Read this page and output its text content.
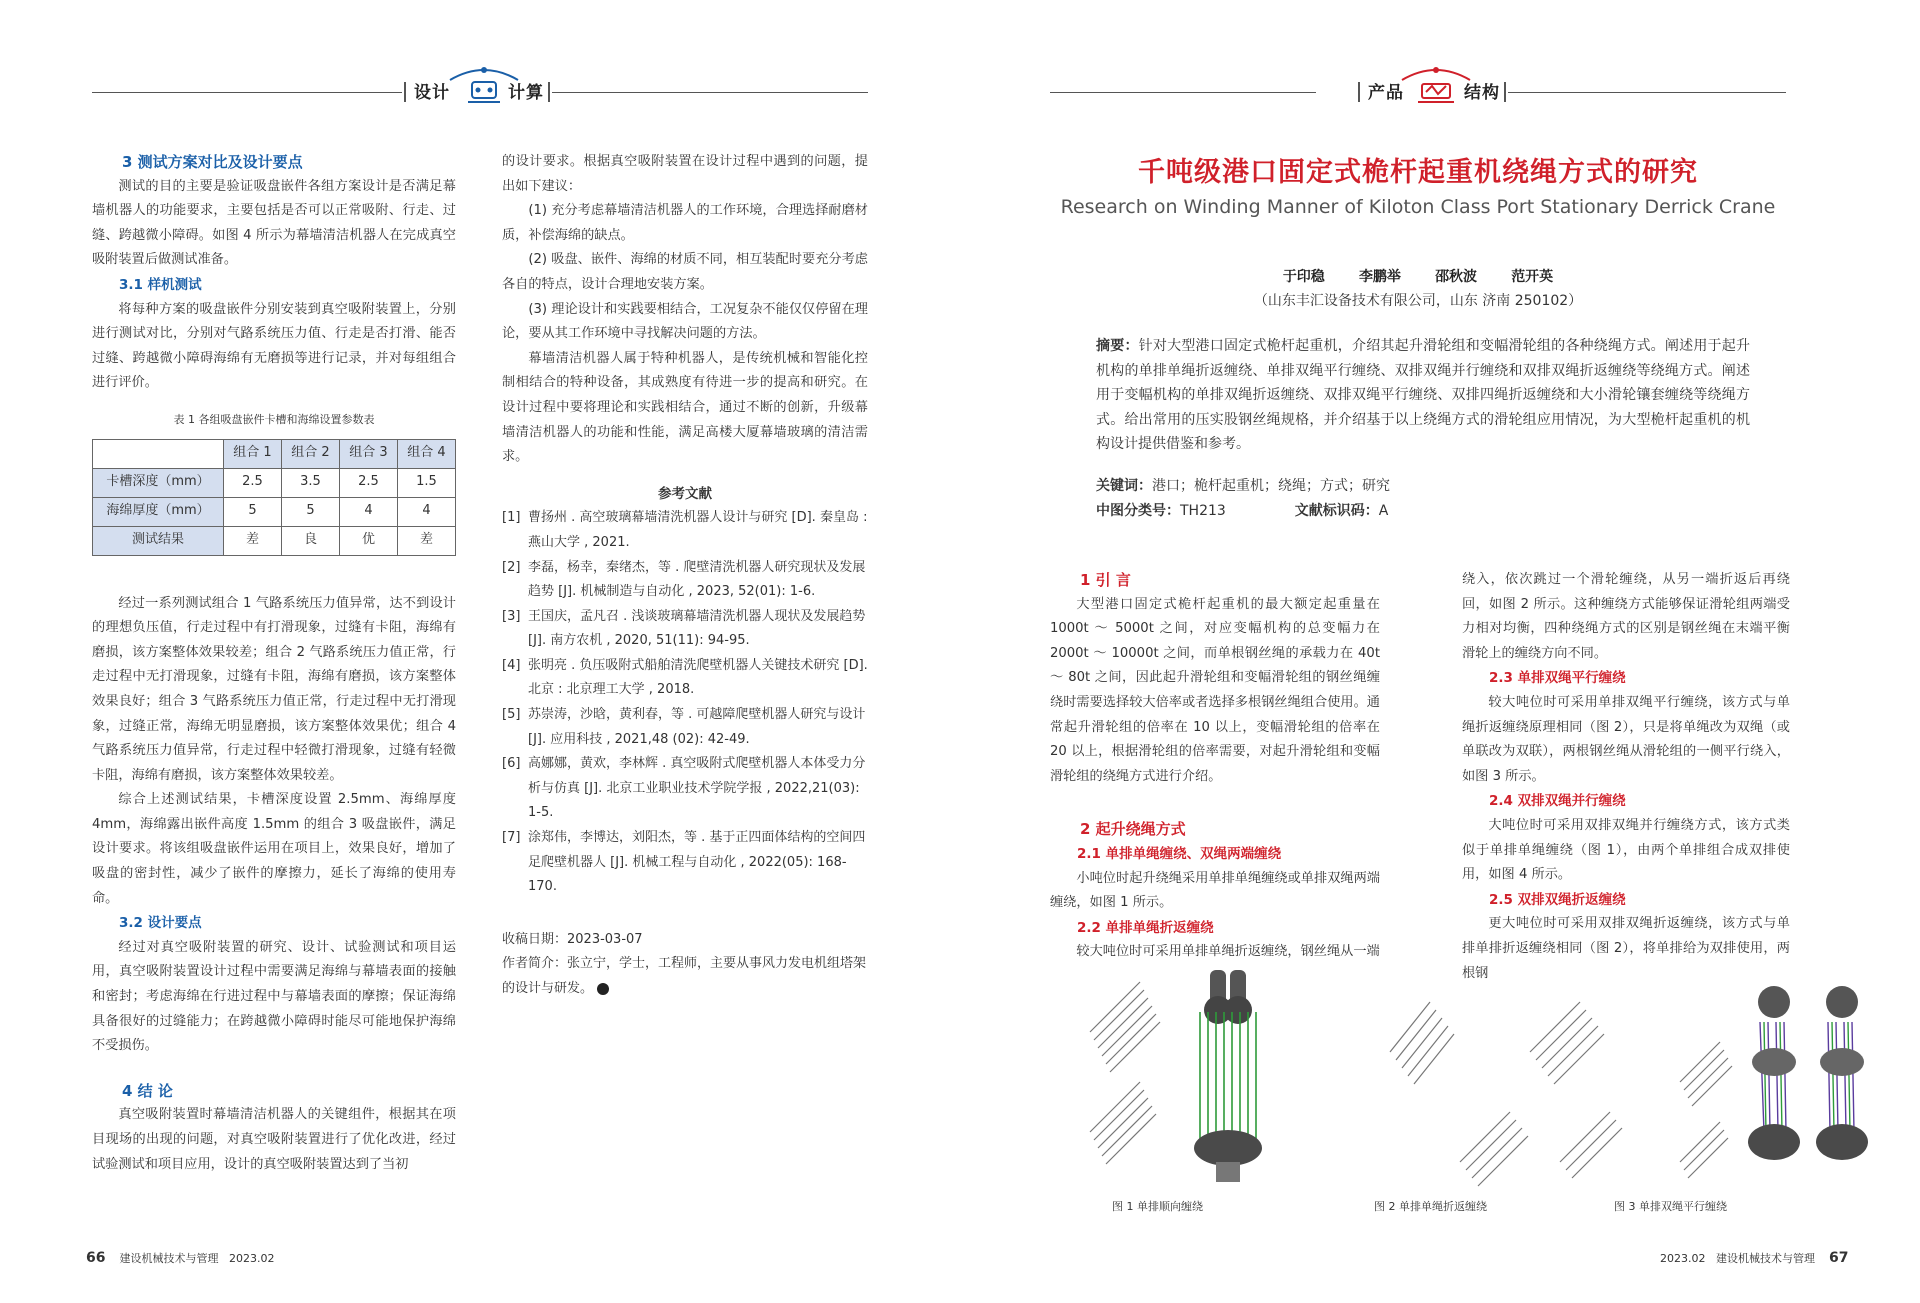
设计	计算

3 测试方案对比及设计要点

测试的目的主要是验证吸盘嵌件各组方案设计是否满足幕墙机器人的功能要求，主要包括是否可以正常吸附、行走、过缝、跨越微小障碍。如图 4 所示为幕墙清洁机器人在完成真空吸附装置后做测试准备。

3.1 样机测试

将每种方案的吸盘嵌件分别安装到真空吸附装置上，分别进行测试对比，分别对气路系统压力值、行走是否打滑、能否过缝、跨越微小障碍海绵有无磨损等进行记录，并对每组组合进行评价。

表 1 各组吸盘嵌件卡槽和海绵设置参数表
	组合 1	组合 2	组合 3	组合 4
卡槽深度（mm）	2.5	3.5	2.5	1.5
海绵厚度（mm）	5	5	4	4
测试结果	差	良	优	差

经过一系列测试组合 1 气路系统压力值异常，达不到设计的理想负压值，行走过程中有打滑现象，过缝有卡阻，海绵有磨损，该方案整体效果较差；组合 2 气路系统压力值正常，行走过程中无打滑现象，过缝有卡阻，海绵有磨损，该方案整体效果良好；组合 3 气路系统压力值正常，行走过程中无打滑现象，过缝正常，海绵无明显磨损，该方案整体效果优；组合 4 气路系统压力值异常，行走过程中轻微打滑现象，过缝有轻微卡阻，海绵有磨损，该方案整体效果较差。

综合上述测试结果，卡槽深度设置 2.5mm、海绵厚度 4mm，海绵露出嵌件高度 1.5mm 的组合 3 吸盘嵌件，满足设计要求。将该组吸盘嵌件运用在项目上，效果良好，增加了吸盘的密封性，减少了嵌件的摩擦力，延长了海绵的使用寿命。

3.2 设计要点

经过对真空吸附装置的研究、设计、试验测试和项目运用，真空吸附装置设计过程中需要满足海绵与幕墙表面的接触和密封；考虑海绵在行进过程中与幕墙表面的摩擦；保证海绵具备很好的过缝能力；在跨越微小障碍时能尽可能地保护海绵不受损伤。

4 结 论

真空吸附装置时幕墙清洁机器人的关键组件，根据其在项目现场的出现的问题，对真空吸附装置进行了优化改进，经过试验测试和项目应用，设计的真空吸附装置达到了当初

的设计要求。根据真空吸附装置在设计过程中遇到的问题，提出如下建议：

(1) 充分考虑幕墙清洁机器人的工作环境，合理选择耐磨材质，补偿海绵的缺点。

(2) 吸盘、嵌件、海绵的材质不同，相互装配时要充分考虑各自的特点，设计合理地安装方案。

(3) 理论设计和实践要相结合，工况复杂不能仅仅停留在理论，要从其工作环境中寻找解决问题的方法。

幕墙清洁机器人属于特种机器人，是传统机械和智能化控制相结合的特种设备，其成熟度有待进一步的提高和研究。在设计过程中要将理论和实践相结合，通过不断的创新，升级幕墙清洁机器人的功能和性能，满足高楼大厦幕墙玻璃的清洁需求。

参考文献
[1] 曹扬州 . 高空玻璃幕墙清洗机器人设计与研究 [D]. 秦皇岛 : 燕山大学 , 2021.
[2] 李磊，杨幸，秦绪杰，等 . 爬壁清洗机器人研究现状及发展趋势 [J]. 机械制造与自动化 , 2023, 52(01): 1-6.
[3] 王国庆，孟凡召 . 浅谈玻璃幕墙清洗机器人现状及发展趋势 [J]. 南方农机 , 2020, 51(11): 94-95.
[4] 张明亮 . 负压吸附式船舶清洗爬壁机器人关键技术研究 [D]. 北京 : 北京理工大学 , 2018.
[5] 苏崇涛，沙晗，黄利春，等 . 可越障爬壁机器人研究与设计 [J]. 应用科技 , 2021,48 (02): 42-49.
[6] 高娜娜，黄欢，李林辉 . 真空吸附式爬壁机器人本体受力分析与仿真 [J]. 北京工业职业技术学院学报 , 2022,21(03): 1-5.
[7] 涂郑伟，李博达，刘阳杰，等 . 基于正四面体结构的空间四足爬壁机器人 [J]. 机械工程与自动化 , 2022(05): 168-170.
收稿日期：2023-03-07
作者简介：张立宁，学士，工程师，主要从事风力发电机组塔架的设计与研发。
66 建设机械技术与管理 2023.02
产品	结构
千吨级港口固定式桅杆起重机绕绳方式的研究
Research on Winding Manner of Kiloton Class Port Stationary Derrick Crane
于印稳 李鹏举 邵秋波 范开英
（山东丰汇设备技术有限公司，山东 济南 250102）
摘要：针对大型港口固定式桅杆起重机，介绍其起升滑轮组和变幅滑轮组的各种绕绳方式。阐述用于起升机构的单排单绳折返缠绕、单排双绳平行缠绕、双排双绳并行缠绕和双排双绳折返缠绕等绕绳方式。阐述用于变幅机构的单排双绳折返缠绕、双排双绳平行缠绕、双排四绳折返缠绕和大小滑轮镶套缠绕等绕绳方式。给出常用的压实股钢丝绳规格，并介绍基于以上绕绳方式的滑轮组应用情况，为大型桅杆起重机的机构设计提供借鉴和参考。
关键词：港口；桅杆起重机；绕绳；方式；研究
中图分类号：TH213	文献标识码：A

1 引 言

大型港口固定式桅杆起重机的最大额定起重量在 1000t ～ 5000t 之间，对应变幅机构的总变幅力在 2000t ～ 10000t 之间，而单根钢丝绳的承载力在 40t ～ 80t 之间，因此起升滑轮组和变幅滑轮组的钢丝绳缠绕时需要选择较大倍率或者选择多根钢丝绳组合使用。通常起升滑轮组的倍率在 10 以上，变幅滑轮组的倍率在 20 以上，根据滑轮组的倍率需要，对起升滑轮组和变幅滑轮组的绕绳方式进行介绍。

2 起升绕绳方式

2.1 单排单绳缠绕、双绳两端缠绕

小吨位时起升绕绳采用单排单绳缠绕或单排双绳两端缠绕，如图 1 所示。

2.2 单排单绳折返缠绕

较大吨位时可采用单排单绳折返缠绕，钢丝绳从一端

绕入，依次跳过一个滑轮缠绕，从另一端折返后再绕回，如图 2 所示。这种缠绕方式能够保证滑轮组两端受力相对均衡，四种绕绳方式的区别是钢丝绳在末端平衡滑轮上的缠绕方向不同。

2.3 单排双绳平行缠绕

较大吨位时可采用单排双绳平行缠绕，该方式与单绳折返缠绕原理相同（图 2），只是将单绳改为双绳（或单联改为双联），两根钢丝绳从滑轮组的一侧平行绕入，如图 3 所示。

2.4 双排双绳并行缠绕

大吨位时可采用双排双绳并行缠绕方式，该方式类似于单排单绳缠绕（图 1），由两个单排组合成双排使用，如图 4 所示。

2.5 双排双绳折返缠绕

更大吨位时可采用双排双绳折返缠绕，该方式与单排单排折返缠绕相同（图 2），将单排给为双排使用，两根钢

图 1 单排顺向缠绕	图 2 单排单绳折返缠绕	图 3 单排双绳平行缠绕
2023.02 建设机械技术与管理 67
